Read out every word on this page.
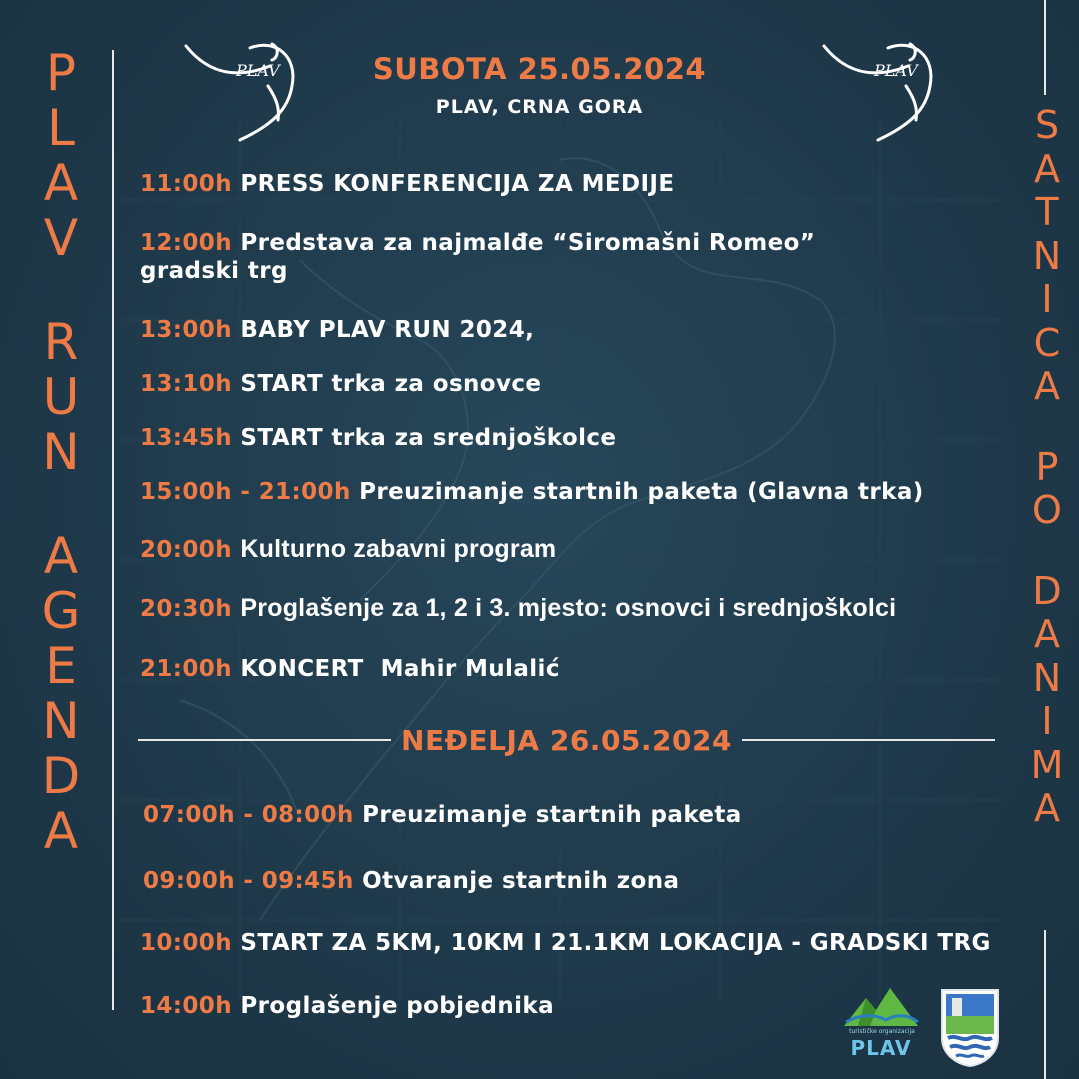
P
L
A
V
R
U
N
A
G
E
N
D
A
S
A
T
N
I
C
A
P
O
D
A
N
I
M
A
PLAV	PLAV
SUBOTA 25.05.2024
PLAV, CRNA GORA
11:00h PRESS KONFERENCIJA ZA MEDIJE
12:00h Predstava za najmalđe “Siromašni Romeo”
gradski trg
13:00h BABY PLAV RUN 2024,
13:10h START trka za osnovce
13:45h START trka za srednjoškolce
15:00h - 21:00h Preuzimanje startnih paketa (Glavna trka)
20:00h Kulturno zabavni program
20:30h Proglašenje za 1, 2 i 3. mjesto: osnovci i srednjoškolci
21:00h KONCERT  Mahir Mulalić
NEĐELJA 26.05.2024
07:00h - 08:00h Preuzimanje startnih paketa
09:00h - 09:45h Otvaranje startnih zona
10:00h START ZA 5KM, 10KM I 21.1KM LOKACIJA - GRADSKI TRG
14:00h Proglašenje pobjednika
turističke organizacija
PLAV
